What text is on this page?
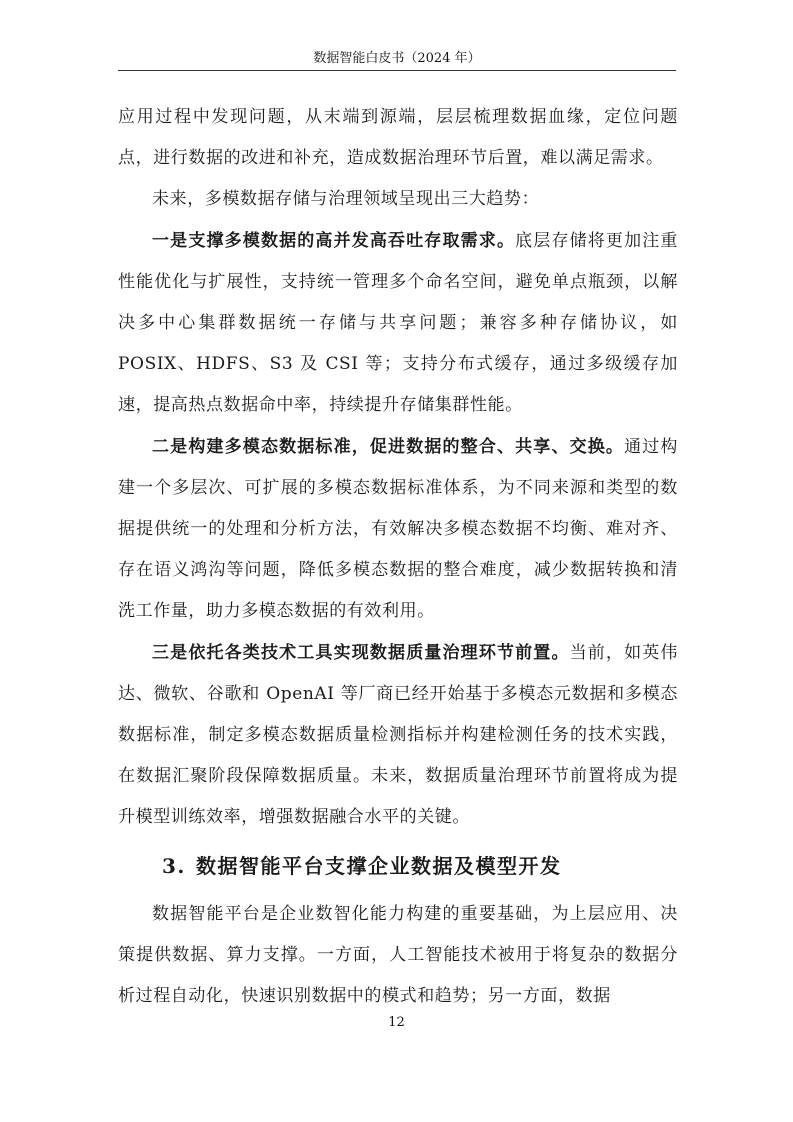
数据智能白皮书（2024 年）

应用过程中发现问题，从末端到源端，层层梳理数据血缘，定位问题点，进行数据的改进和补充，造成数据治理环节后置，难以满足需求。

未来，多模数据存储与治理领域呈现出三大趋势：

一是支撑多模数据的高并发高吞吐存取需求。底层存储将更加注重性能优化与扩展性，支持统一管理多个命名空间，避免单点瓶颈，以解决多中心集群数据统一存储与共享问题；兼容多种存储协议，如 POSIX、HDFS、S3 及 CSI 等；支持分布式缓存，通过多级缓存加速，提高热点数据命中率，持续提升存储集群性能。

二是构建多模态数据标准，促进数据的整合、共享、交换。通过构建一个多层次、可扩展的多模态数据标准体系，为不同来源和类型的数据提供统一的处理和分析方法，有效解决多模态数据不均衡、难对齐、存在语义鸿沟等问题，降低多模态数据的整合难度，减少数据转换和清洗工作量，助力多模态数据的有效利用。

三是依托各类技术工具实现数据质量治理环节前置。当前，如英伟达、微软、谷歌和 OpenAI 等厂商已经开始基于多模态元数据和多模态数据标准，制定多模态数据质量检测指标并构建检测任务的技术实践，在数据汇聚阶段保障数据质量。未来，数据质量治理环节前置将成为提升模型训练效率，增强数据融合水平的关键。

3. 数据智能平台支撑企业数据及模型开发

数据智能平台是企业数智化能力构建的重要基础，为上层应用、决策提供数据、算力支撑。一方面，人工智能技术被用于将复杂的数据分析过程自动化，快速识别数据中的模式和趋势；另一方面，数据

12
